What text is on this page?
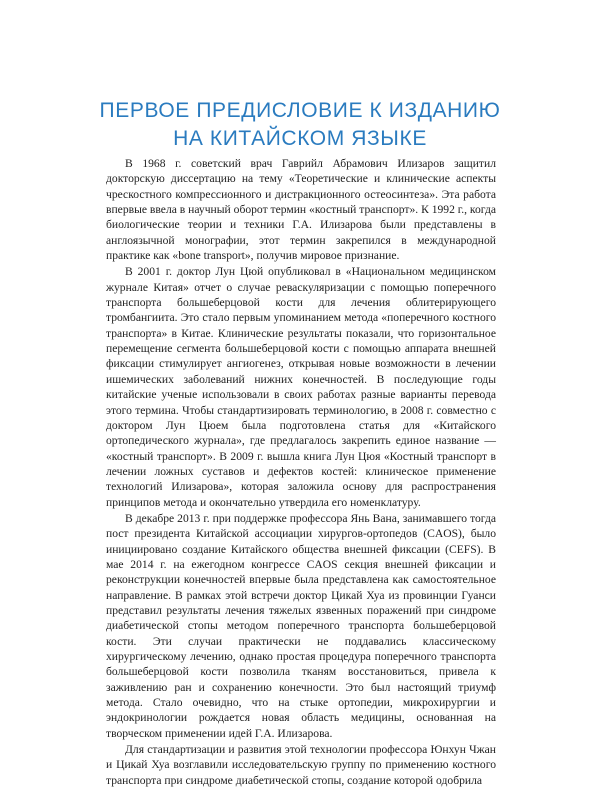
ПЕРВОЕ ПРЕДИСЛОВИЕ К ИЗДАНИЮ
НА КИТАЙСКОМ ЯЗЫКЕ

В 1968 г. советский врач Гаврийл Абрамович Илизаров защитил докторскую диссертацию на тему «Теоретические и клинические аспекты чрескостного компрессионного и дистракционного остеосинтеза». Эта работа впервые ввела в научный оборот термин «костный транспорт». К 1992 г., когда биологические теории и техники Г.А. Илизарова были представлены в англоязычной монографии, этот термин закрепился в международной практике как «bone transport», получив мировое признание.

В 2001 г. доктор Лун Цюй опубликовал в «Национальном медицинском журнале Китая» отчет о случае реваскуляризации с помощью поперечного транспорта большеберцовой кости для лечения облитерирующего тромбангиита. Это стало первым упоминанием метода «поперечного костного транспорта» в Китае. Клинические результаты показали, что горизонтальное перемещение сегмента большеберцовой кости с помощью аппарата внешней фиксации стимулирует ангиогенез, открывая новые возможности в лечении ишемических заболеваний нижних конечностей. В последующие годы китайские ученые использовали в своих работах разные варианты перевода этого термина. Чтобы стандартизировать терминологию, в 2008 г. совместно с доктором Лун Цюем была подготовлена статья для «Китайского ортопедического журнала», где предлагалось закрепить единое название — «костный транспорт». В 2009 г. вышла книга Лун Цюя «Костный транспорт в лечении ложных суставов и дефектов костей: клиническое применение технологий Илизарова», которая заложила основу для распространения принципов метода и окончательно утвердила его номенклатуру.

В декабре 2013 г. при поддержке профессора Янь Вана, занимавшего тогда пост президента Китайской ассоциации хирургов-ортопедов (CAOS), было инициировано создание Китайского общества внешней фиксации (CEFS). В мае 2014 г. на ежегодном конгрессе CAOS секция внешней фиксации и реконструкции конечностей впервые была представлена как самостоятельное направление. В рамках этой встречи доктор Цикай Хуа из провинции Гуанси представил результаты лечения тяжелых язвенных поражений при синдроме диабетической стопы методом поперечного транспорта большеберцовой кости. Эти случаи практически не поддавались классическому хирургическому лечению, однако простая процедура поперечного транспорта большеберцовой кости позволила тканям восстановиться, привела к заживлению ран и сохранению конечности. Это был настоящий триумф метода. Стало очевидно, что на стыке ортопедии, микрохирургии и эндокринологии рождается новая область медицины, основанная на творческом применении идей Г.А. Илизарова.

Для стандартизации и развития этой технологии профессора Юнхун Чжан и Цикай Хуа возглавили исследовательскую группу по применению костного транспорта при синдроме диабетической стопы, создание которой одобрила
